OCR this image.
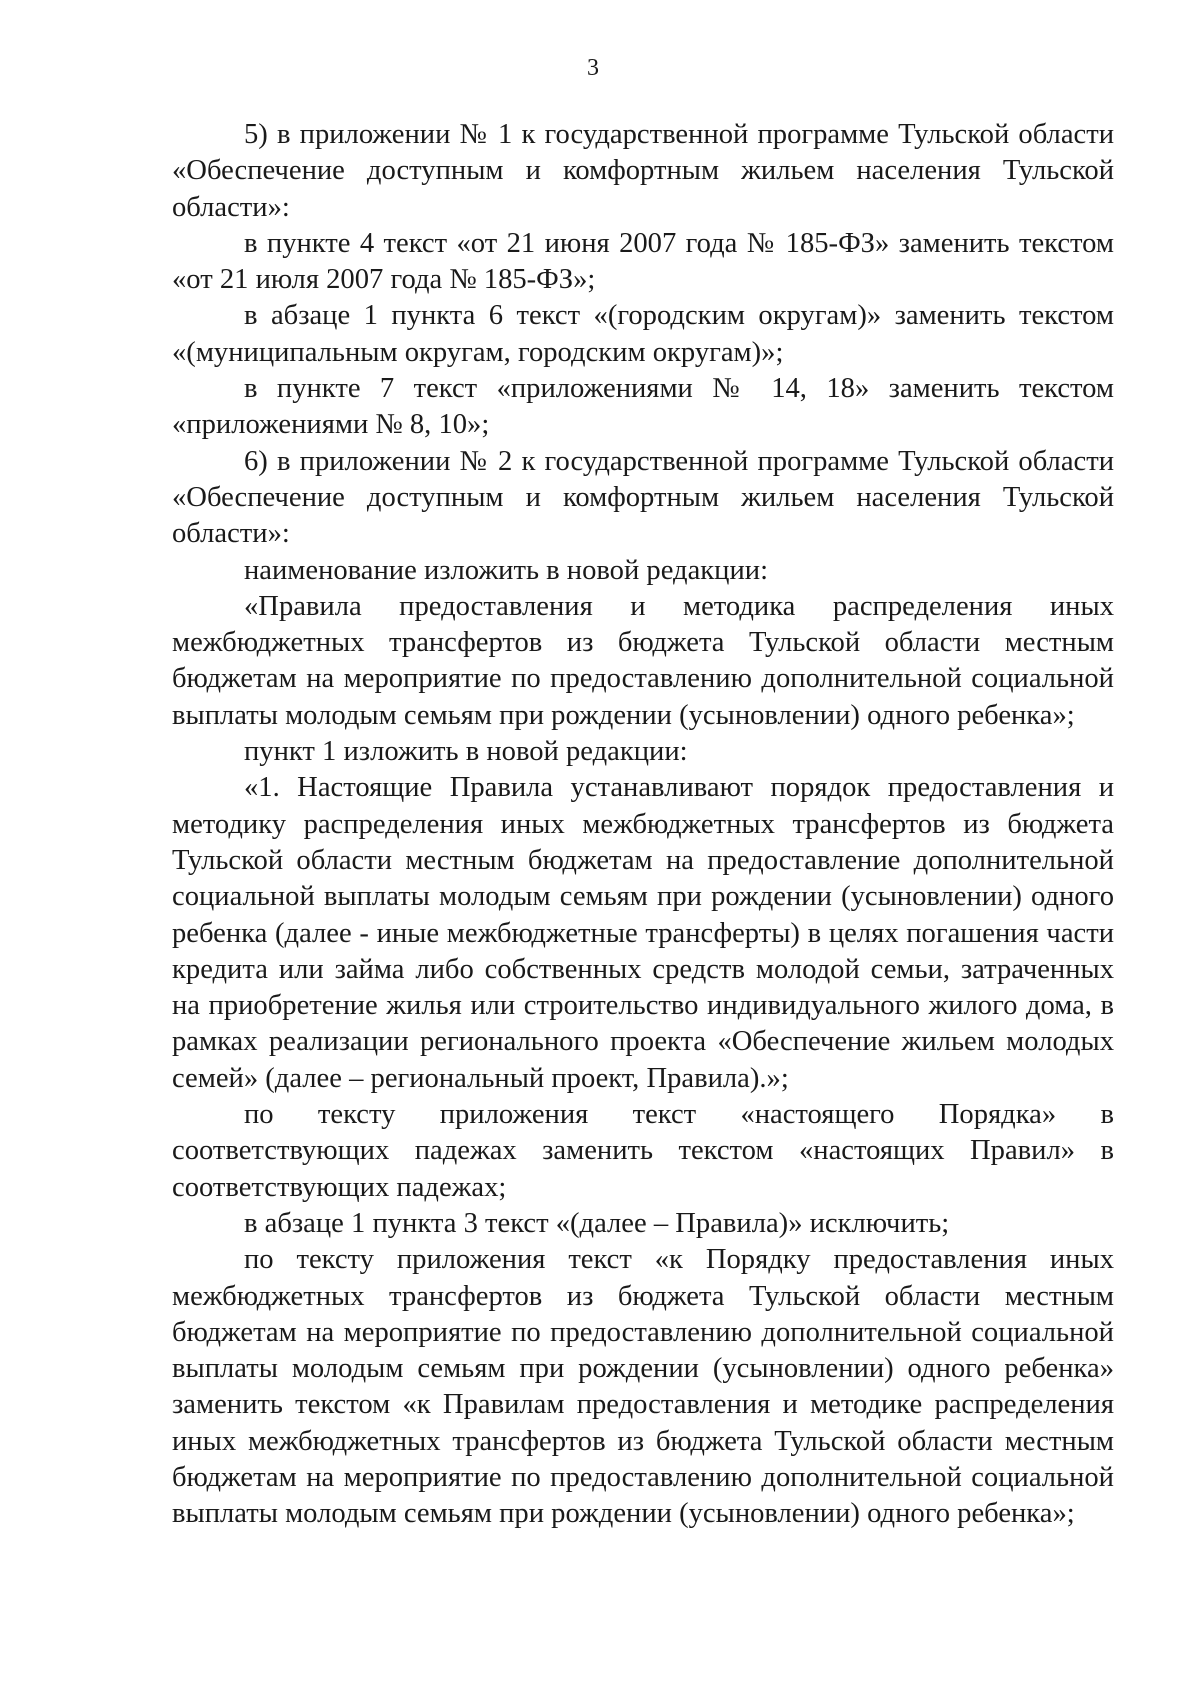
3

5) в приложении № 1 к государственной программе Тульской области «Обеспечение доступным и комфортным жильем населения Тульской области»:

в пункте 4 текст «от 21 июня 2007 года № 185-ФЗ» заменить текстом «от 21 июля 2007 года № 185-ФЗ»;

в абзаце 1 пункта 6 текст «(городским округам)» заменить текстом «(муниципальным округам, городским округам)»;

в пункте 7 текст «приложениями № 14, 18» заменить текстом «приложениями № 8, 10»;

6) в приложении № 2 к государственной программе Тульской области «Обеспечение доступным и комфортным жильем населения Тульской области»:

наименование изложить в новой редакции:

«Правила предоставления и методика распределения иных межбюджетных трансфертов из бюджета Тульской области местным бюджетам на мероприятие по предоставлению дополнительной социальной выплаты молодым семьям при рождении (усыновлении) одного ребенка»;

пункт 1 изложить в новой редакции:

«1. Настоящие Правила устанавливают порядок предоставления и методику распределения иных межбюджетных трансфертов из бюджета Тульской области местным бюджетам на предоставление дополнительной социальной выплаты молодым семьям при рождении (усыновлении) одного ребенка (далее - иные межбюджетные трансферты) в целях погашения части кредита или займа либо собственных средств молодой семьи, затраченных на приобретение жилья или строительство индивидуального жилого дома, в рамках реализации регионального проекта «Обеспечение жильем молодых семей» (далее – региональный проект, Правила).»;

по тексту приложения текст «настоящего Порядка» в соответствующих падежах заменить текстом «настоящих Правил» в соответствующих падежах;

в абзаце 1 пункта 3 текст «(далее – Правила)» исключить;

по тексту приложения текст «к Порядку предоставления иных межбюджетных трансфертов из бюджета Тульской области местным бюджетам на мероприятие по предоставлению дополнительной социальной выплаты молодым семьям при рождении (усыновлении) одного ребенка» заменить текстом «к Правилам предоставления и методике распределения иных межбюджетных трансфертов из бюджета Тульской области местным бюджетам на мероприятие по предоставлению дополнительной социальной выплаты молодым семьям при рождении (усыновлении) одного ребенка»;
